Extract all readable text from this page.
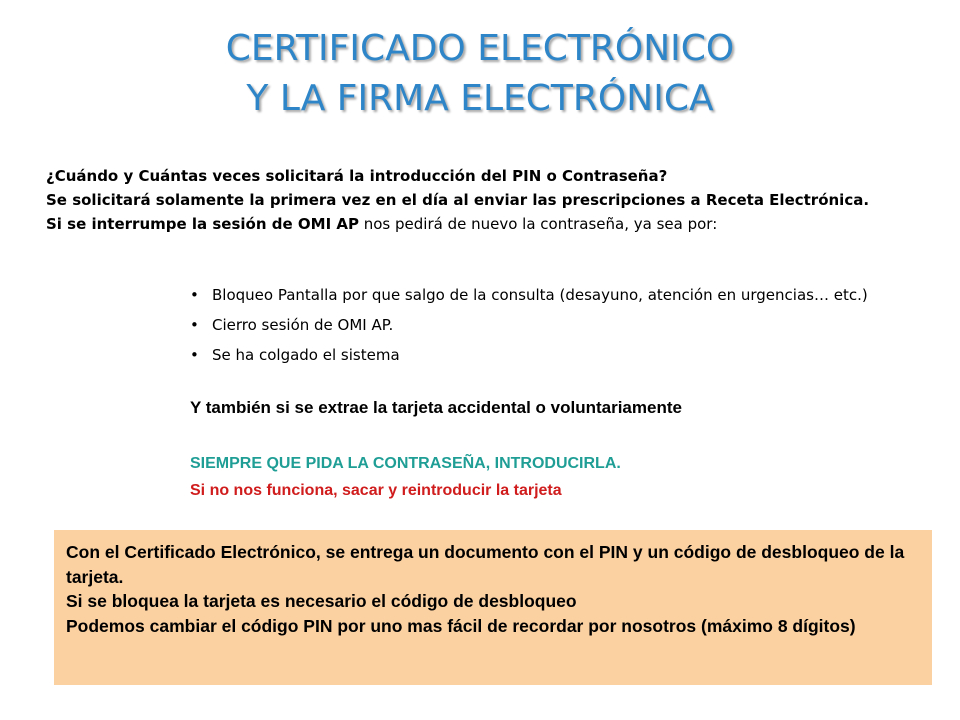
CERTIFICADO ELECTRÓNICO
Y LA FIRMA ELECTRÓNICA

¿Cuándo y Cuántas veces solicitará la introducción del PIN o Contraseña?

Se solicitará solamente la primera vez en el día al enviar las prescripciones a Receta Electrónica.

Si se interrumpe la sesión de OMI AP nos pedirá de nuevo la contraseña, ya sea por:

• Bloqueo Pantalla por que salgo de la consulta (desayuno, atención en urgencias… etc.)
• Cierro sesión de OMI AP.
• Se ha colgado el sistema
Y también si se extrae la tarjeta accidental o voluntariamente
SIEMPRE QUE PIDA LA CONTRASEÑA, INTRODUCIRLA.
Si no nos funciona, sacar y reintroducir la tarjeta

Con el Certificado Electrónico, se entrega un documento con el PIN y un código de desbloqueo de la tarjeta.

Si se bloquea la tarjeta es necesario el código de desbloqueo

Podemos cambiar el código PIN por uno mas fácil de recordar por nosotros (máximo 8 dígitos)
